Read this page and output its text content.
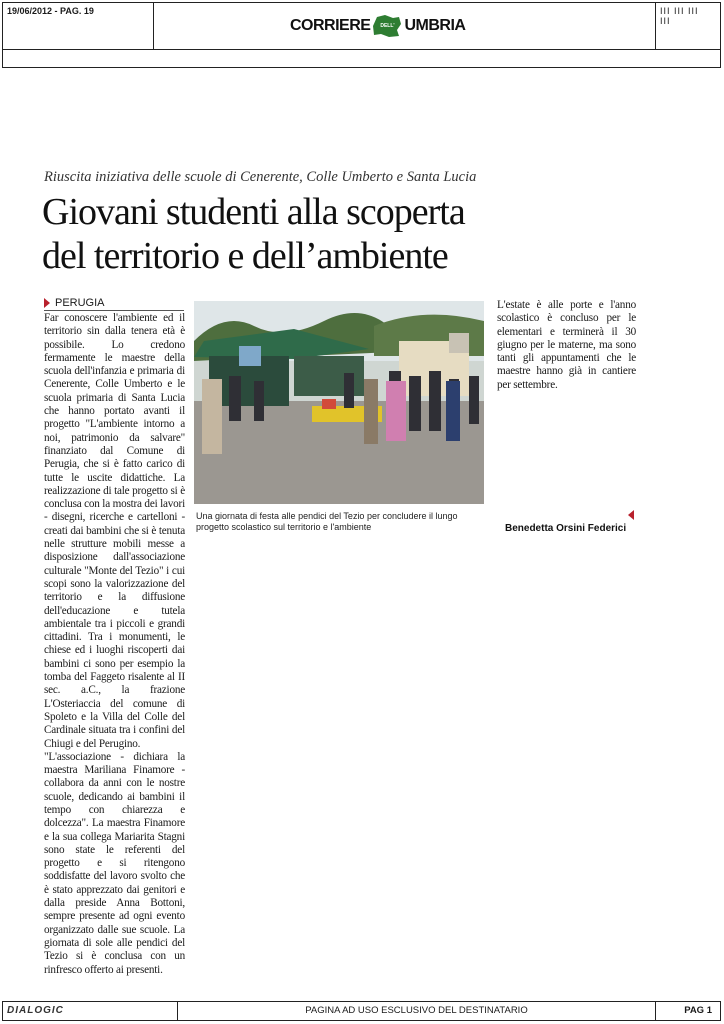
19/06/2012 - PAG. 19
CORRIERE	DELL' UMBRIA
III III III
III
Riuscita iniziativa delle scuole di Cenerente, Colle Umberto e Santa Lucia
Giovani studenti alla scoperta
del territorio e dell’ambiente
PERUGIA

Far conoscere l'ambiente ed il territorio sin dalla tenera età è possibile. Lo credono fermamente le maestre della scuola dell'infanzia e primaria di Cenerente, Colle Umberto e le scuola primaria di Santa Lucia che hanno portato avanti il progetto "L'ambiente intorno a noi, patrimonio da salvare" finanziato dal Comune di Perugia, che si è fatto carico di tutte le uscite didattiche. La realizzazione di tale progetto si è conclusa con la mostra dei lavori - disegni, ricerche e cartelloni - creati dai bambini che si è tenuta nelle strutture mobili messe a disposizione dall'associazione culturale "Monte del Tezio" i cui scopi sono la valorizzazione del territorio e la diffusione dell'educazione e tutela ambientale tra i piccoli e grandi cittadini. Tra i monumenti, le chiese ed i luoghi riscoperti dai bambini ci sono per esempio la tomba del Faggeto risalente al II sec. a.C., la frazione L'Osteriaccia del comune di Spoleto e la Villa del Colle del Cardinale situata tra i confini del Chiugi e del Perugino.

"L'associazione - dichiara la maestra Mariliana Finamore - collabora da anni con le nostre scuole, dedicando ai bambini il tempo con chiarezza e dolcezza". La maestra Finamore e la sua collega Mariarita Stagni sono state le referenti del progetto e si ritengono soddisfatte del lavoro svolto che è stato apprezzato dai genitori e dalla preside Anna Bottoni, sempre presente ad ogni evento organizzato dalle sue scuole. La giornata di sole alle pendici del Tezio si è conclusa con un rinfresco offerto ai presenti.

Una giornata di festa alle pendici del Tezio per concludere il lungo progetto scolastico sul territorio e l'ambiente

L'estate è alle porte e l'anno scolastico è concluso per le elementari e terminerà il 30 giugno per le materne, ma sono tanti gli appuntamenti che le maestre hanno già in cantiere per settembre.

Benedetta Orsini Federici
DIALOGIC	PAGINA AD USO ESCLUSIVO DEL DESTINATARIO	PAG 1
